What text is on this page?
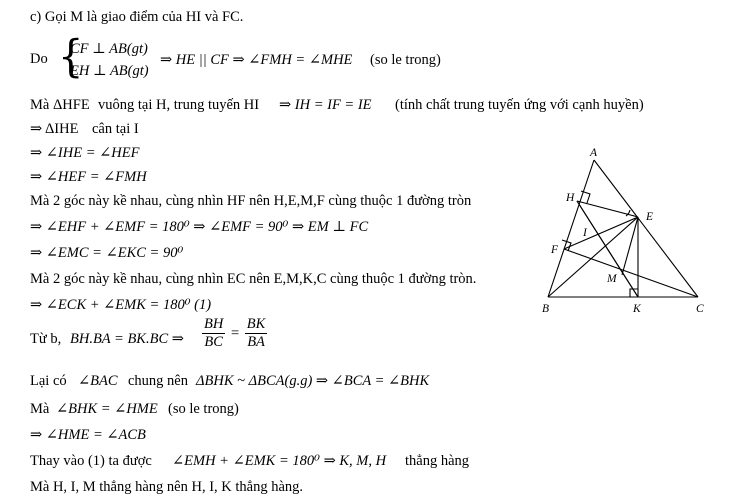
c) Gọi M là giao điểm của HI và FC.
Do {
CF ⊥ AB(gt)
EH ⊥ AB(gt)
⇒ HE || CF ⇒ ∠FMH = ∠MHE (so le trong)
Mà ΔHFE vuông tại H, trung tuyến HI ⇒ IH = IF = IE (tính chất trung tuyến ứng với cạnh huyền)
⇒ ΔIHE cân tại I
⇒ ∠IHE = ∠HEF
⇒ ∠HEF = ∠FMH
Mà 2 góc này kề nhau, cùng nhìn HF nên H,E,M,F cùng thuộc 1 đường tròn
⇒ ∠EHF + ∠EMF = 180⁰ ⇒ ∠EMF = 90⁰ ⇒ EM ⊥ FC
⇒ ∠EMC = ∠EKC = 90⁰
Mà 2 góc này kề nhau, cùng nhìn EC nên E,M,K,C cùng thuộc 1 đường tròn.
⇒ ∠ECK + ∠EMK = 180⁰ (1)
Từ b, BH.BA = BK.BC ⇒ $\frac{BH}{BC} = \frac{BK}{BA}$
Lại có ∠BAC chung nên ΔBHK ~ ΔBCA(g.g) ⇒ ∠BCA = ∠BHK
Mà ∠BHK = ∠HME (so le trong)
⇒ ∠HME = ∠ACB
Thay vào (1) ta được ∠EMH + ∠EMK = 180⁰ ⇒ K, M, H thẳng hàng
Mà H, I, M thẳng hàng nên H, I, K thẳng hàng.
A
B	C
E
F
H
I
K
M
